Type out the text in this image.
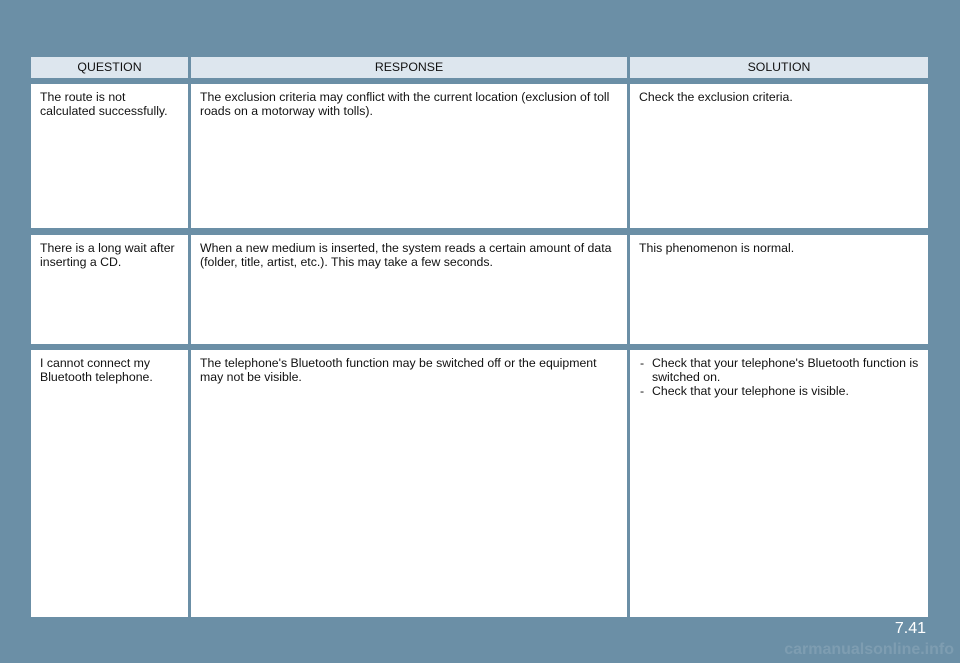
QUESTION	RESPONSE	SOLUTION
The route is not calculated successfully.
The exclusion criteria may conflict with the current location (exclusion of toll roads on a motorway with tolls).
Check the exclusion criteria.
There is a long wait after inserting a CD.
When a new medium is inserted, the system reads a certain amount of data (folder, title, artist, etc.). This may take a few seconds.
This phenomenon is normal.
I cannot connect my Bluetooth telephone.
The telephone's Bluetooth function may be switched off or the equipment may not be visible.
- Check that your telephone's Bluetooth function is switched on.
- Check that your telephone is visible.
7.41
carmanualsonline.info
